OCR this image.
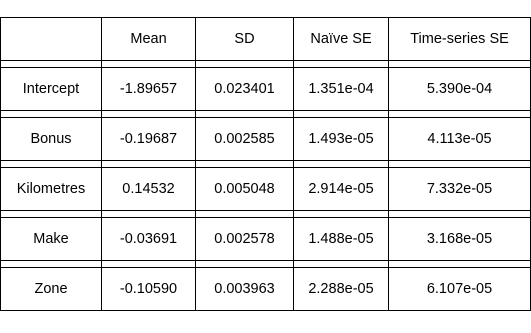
	Mean	SD	Naïve SE	Time-series SE

Intercept	-1.89657	0.023401	1.351e-04	5.390e-04

Bonus	-0.19687	0.002585	1.493e-05	4.113e-05

Kilometres	0.14532	0.005048	2.914e-05	7.332e-05

Make	-0.03691	0.002578	1.488e-05	3.168e-05

Zone	-0.10590	0.003963	2.288e-05	6.107e-05
